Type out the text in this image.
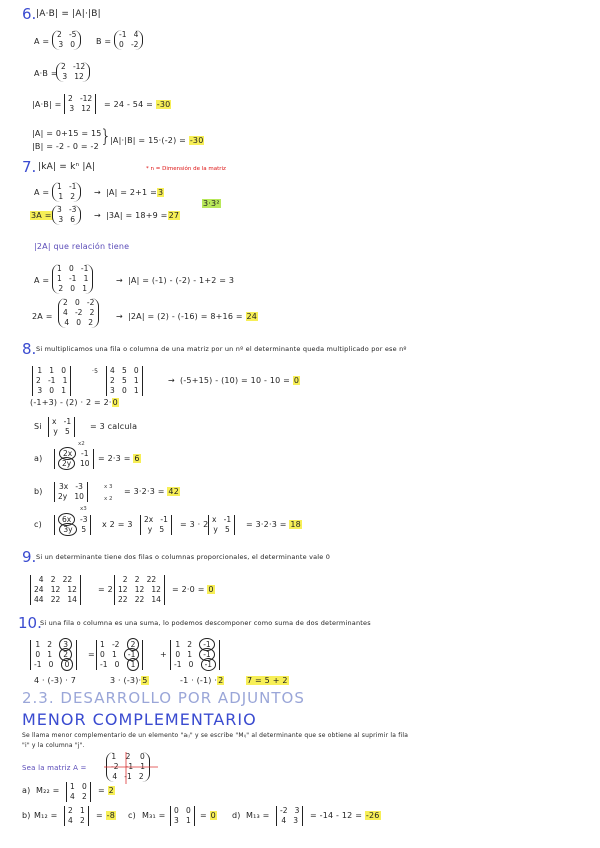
6. |A·B| = |A|·|B|
A =
2 -5
3 0	B =
-1 4
0 -2
A·B =
2 -12
3 12
|A·B| =
2 -12
3 12	= 24 - 54 = -30
|A| = 0+15 = 15
|B| = -2 - 0 = -2 }
|A|·|B| = 15·(-2) = -30
7. |kA| = kⁿ |A|	* n = Dimensión de la matriz
A =
1 -1
1 2	→ |A| = 2+1 =3
3A =
3 -3
3 6	→ |3A| = 18+9 =27
3·3²
|2A| que relación tiene
A =
1 0 -1
1 -1 1
2 0 1
→ |A| = (-1) - (-2) - 1+2 = 3
2A =
2 0 -2
4 -2 2
4 0 2
→ |2A| = (2) - (-16) = 8+16 = 24
8. Si multiplicamos una fila o columna de una matriz por un nº el determinante queda multiplicado por ese nº
1 1 0
2 -1 1
3 0 1
·5	4 5 0
2 5 1
3 0 1
→ (-5+15) - (10) = 10 - 10 = 0
(-1+3) - (2) · 2 = 2·0
Si
x -1
y 5
= 3 calcula
a)
x2
2x -1
2y 10
= 2·3 = 6
b)
3x -3
2y 10
x 3
x 2
= 3·2·3 = 42
c)
x3
6x -3
3y 5
x 2 = 3
2x -1
y 5
= 3 · 2
x -1
y 5
= 3·2·3 = 18
9. Si un determinante tiene dos filas o columnas proporcionales, el determinante vale 0
4 2 22
24 12 12
44 22 14
= 2
2 2 22
12 12 12
22 22 14
= 2·0 = 0
10.
Si una fila o columna es una suma, lo podemos descomponer como suma de dos determinantes
1 2 3
0 1 2
-1 0 0
=
1 -2 2
0 1 -1
-1 0 1
+
1 2 -1
0 1 -1
-1 0 -1
4 · (-3) · 7	3 · (-3)·5	-1 · (-1) ·2	7 = 5 + 2
2.3. DESARROLLO POR ADJUNTOS
MENOR COMPLEMENTARIO
Se llama menor complementario de un elemento "aᵢⱼ" y se escribe "Mᵢⱼ" al determinante que se obtiene al suprimir la fila
"i" y la columna "j".
Sea la matriz A =
1 2 0
-2 -1 1
4 -1 2
a) M₂₂ =	1 0
4 2
= 2
b) M₁₂ =
2 1
4 2
= -8 c) M₃₁ =
0 0
3 1
= 0 d) M₁₃ =
-2 3
4 3
= -14 - 12 = -26
